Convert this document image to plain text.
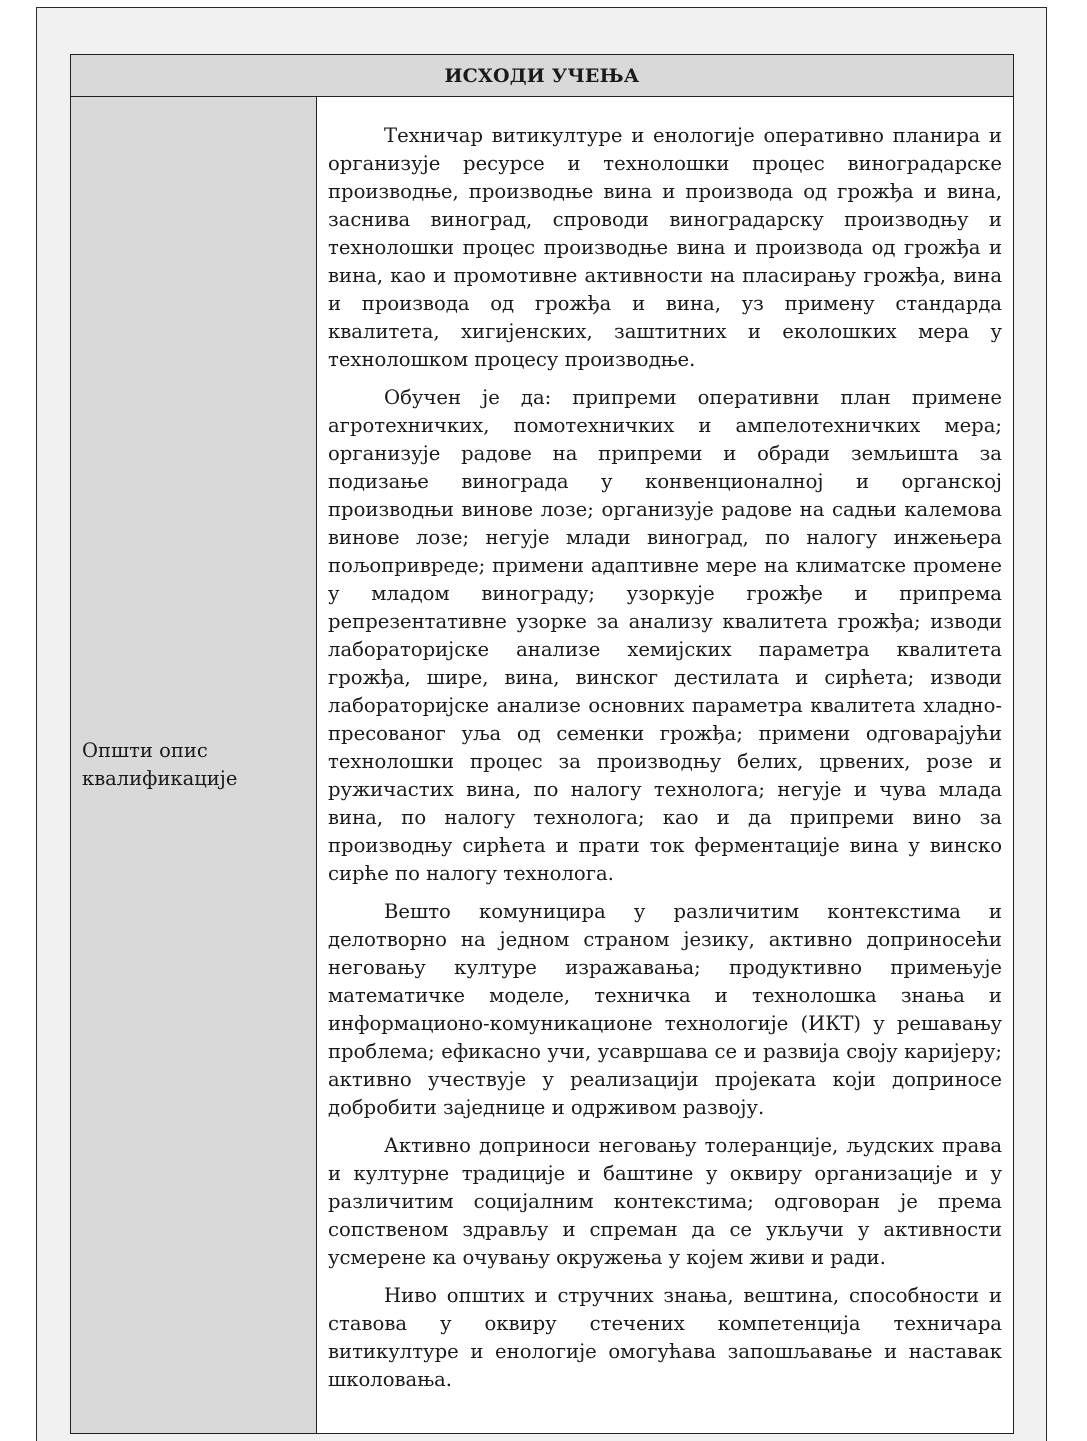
ИСХОДИ УЧЕЊА
Општи опис квалификације

Техничар витикултуре и енологије оперативно планира и организује ресурсе и технолошки процес виноградарске производње, производње вина и производа од грожђа и вина, заснива виноград, спроводи виноградарску производњу и технолошки процес производње вина и производа од грожђа и вина, као и промотивне активности на пласирању грожђа, вина и производа од грожђа и вина, уз примену стандарда квалитета, хигијенских, заштитних и еколошких мера у технолошком процесу производње.

Обучен је да: припреми оперативни план примене агротехничких, помотехничких и ампелотехничких мера; организује радове на припреми и обради земљишта за подизање винограда у конвенционалној и органској производњи винове лозе; организује радове на садњи калемова винове лозе; негује млади виноград, по налогу инжењера пољопривреде; примени адаптивне мере на климатске промене у младом винограду; узоркује грожђе и припрема репрезентативне узорке за анализу квалитета грожђа; изводи лабораторијске анализе хемијских параметра квалитета грожђа, шире, вина, винског дестилата и сирћета; изводи лабораторијске анализе основних параметра квалитета хладно-пресованог уља од семенки грожђа; примени одговарајући технолошки процес за производњу белих, црвених, розе и ружичастих вина, по налогу технолога; негује и чува млада вина, по налогу технолога; као и да припреми вино за производњу сирћета и прати ток ферментације вина у винско сирће по налогу технолога.

Вешто комуницира у различитим контекстима и делотворно на једном страном језику, активно доприносећи неговању културе изражавања; продуктивно примењује математичке моделе, техничка и технолошка знања и информационо-комуникационе технологије (ИКТ) у решавању проблема; ефикасно учи, усавршава се и развија своју каријеру; активно учествује у реализацији пројеката који доприносе добробити заједнице и одрживом развоју.

Активно доприноси неговању толеранције, људских права и културне традиције и баштине у оквиру организације и у различитим социјалним контекстима; одговоран је према сопственом здрављу и спреман да се укључи у активности усмерене ка очувању окружења у којем живи и ради.

Ниво општих и стручних знања, вештина, способности и ставова у оквиру стечених компетенција техничара витикултуре и енологије омогућава запошљавање и наставак школовања.
